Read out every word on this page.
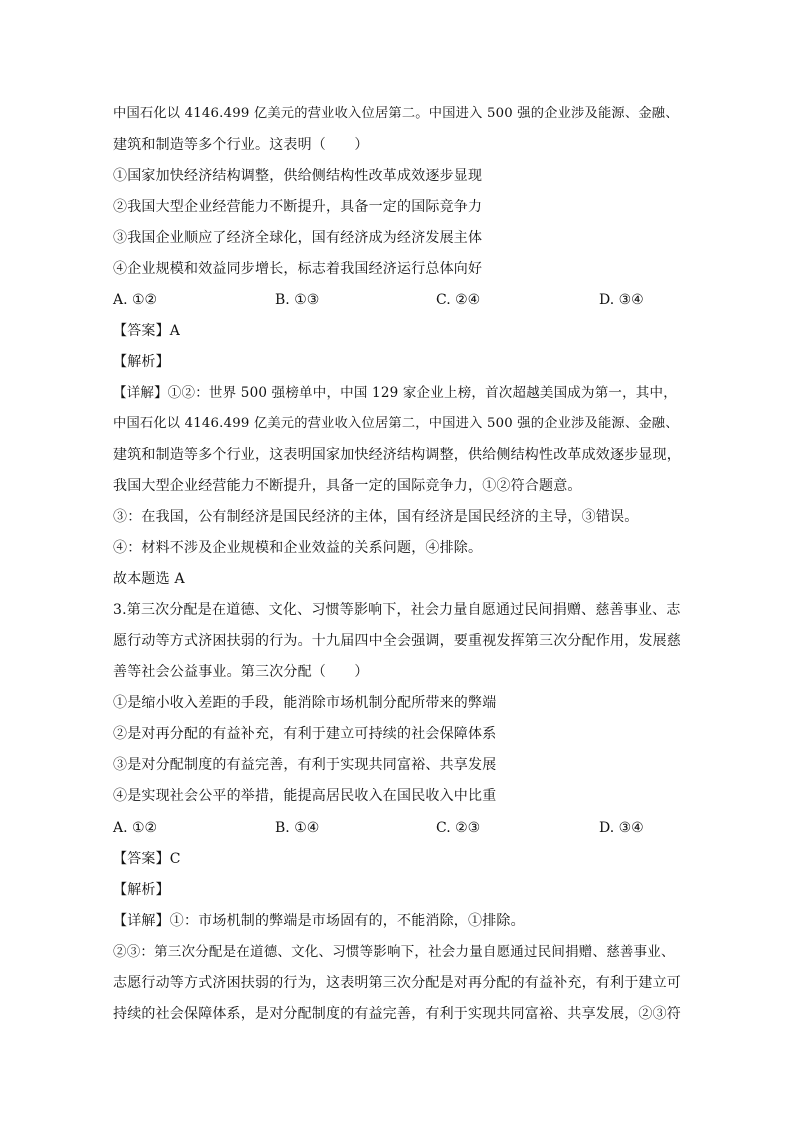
中国石化以 4146.499 亿美元的营业收入位居第二。中国进入 500 强的企业涉及能源、金融、
建筑和制造等多个行业。这表明（　　）
①国家加快经济结构调整，供给侧结构性改革成效逐步显现
②我国大型企业经营能力不断提升，具备一定的国际竞争力
③我国企业顺应了经济全球化，国有经济成为经济发展主体
④企业规模和效益同步增长，标志着我国经济运行总体向好
A. ①②	B. ①③	C. ②④	D. ③④
【答案】A
【解析】
【详解】①②：世界 500 强榜单中，中国 129 家企业上榜，首次超越美国成为第一，其中，
中国石化以 4146.499 亿美元的营业收入位居第二，中国进入 500 强的企业涉及能源、金融、
建筑和制造等多个行业，这表明国家加快经济结构调整，供给侧结构性改革成效逐步显现，
我国大型企业经营能力不断提升，具备一定的国际竞争力，①②符合题意。
③：在我国，公有制经济是国民经济的主体，国有经济是国民经济的主导，③错误。
④：材料不涉及企业规模和企业效益的关系问题，④排除。
故本题选 A
3.第三次分配是在道德、文化、习惯等影响下，社会力量自愿通过民间捐赠、慈善事业、志
愿行动等方式济困扶弱的行为。十九届四中全会强调，要重视发挥第三次分配作用，发展慈
善等社会公益事业。第三次分配（　　）
①是缩小收入差距的手段，能消除市场机制分配所带来的弊端
②是对再分配的有益补充，有利于建立可持续的社会保障体系
③是对分配制度的有益完善，有利于实现共同富裕、共享发展
④是实现社会公平的举措，能提高居民收入在国民收入中比重
A. ①②	B. ①④	C. ②③	D. ③④
【答案】C
【解析】
【详解】①：市场机制的弊端是市场固有的，不能消除，①排除。
②③：第三次分配是在道德、文化、习惯等影响下，社会力量自愿通过民间捐赠、慈善事业、
志愿行动等方式济困扶弱的行为，这表明第三次分配是对再分配的有益补充，有利于建立可
持续的社会保障体系，是对分配制度的有益完善，有利于实现共同富裕、共享发展，②③符
